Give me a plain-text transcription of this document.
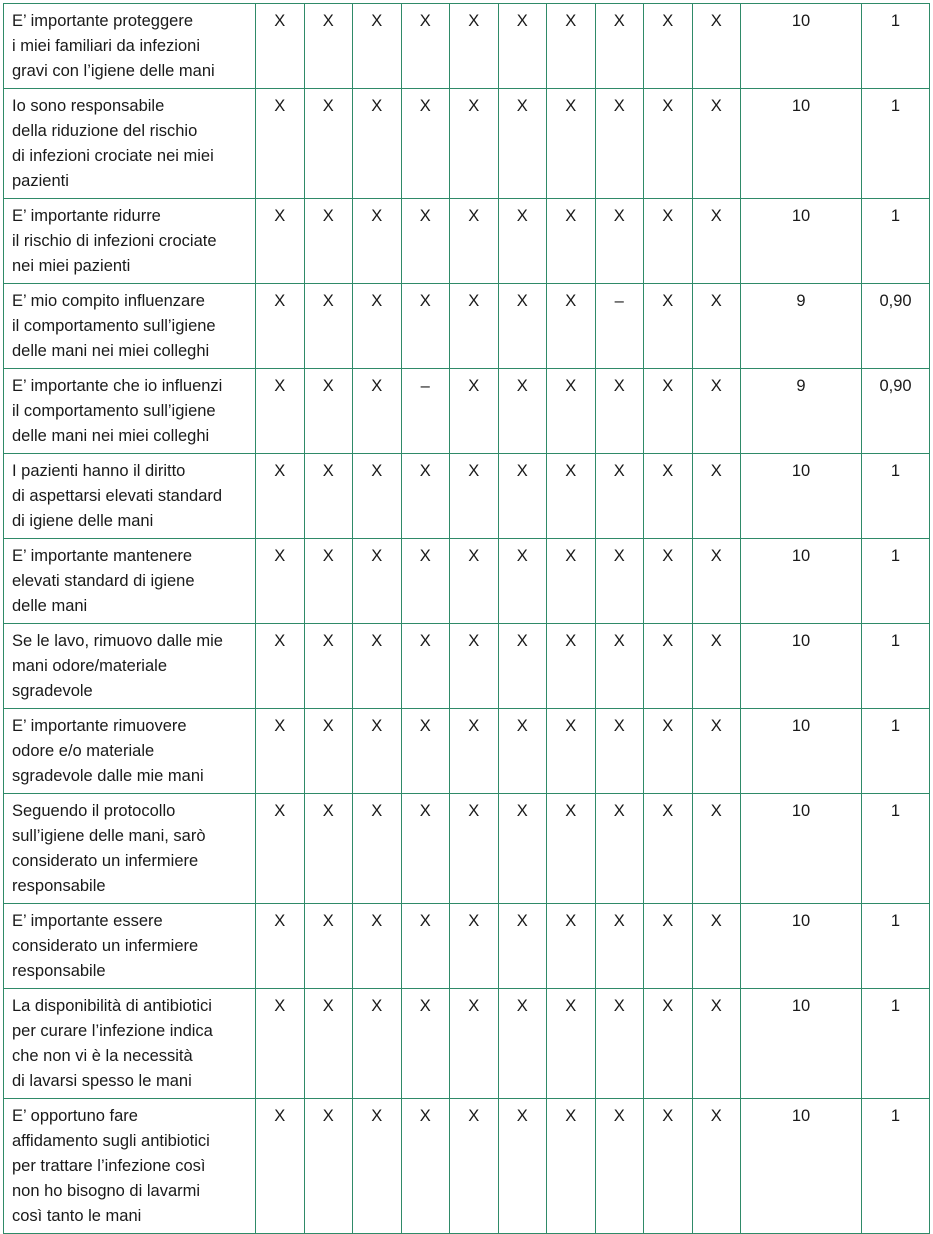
E’ importante proteggere
i miei familiari da infezioni
gravi con l’igiene delle mani	X	X	X	X	X	X	X	X	X	X	10	1
Io sono responsabile
della riduzione del rischio
di infezioni crociate nei miei
pazienti	X	X	X	X	X	X	X	X	X	X	10	1
E’ importante ridurre
il rischio di infezioni crociate
nei miei pazienti	X	X	X	X	X	X	X	X	X	X	10	1
E’ mio compito influenzare
il comportamento sull’igiene
delle mani nei miei colleghi	X	X	X	X	X	X	X	–	X	X	9	0,90
E’ importante che io influenzi
il comportamento sull’igiene
delle mani nei miei colleghi	X	X	X	–	X	X	X	X	X	X	9	0,90
I pazienti hanno il diritto
di aspettarsi elevati standard
di igiene delle mani	X	X	X	X	X	X	X	X	X	X	10	1
E’ importante mantenere
elevati standard di igiene
delle mani	X	X	X	X	X	X	X	X	X	X	10	1
Se le lavo, rimuovo dalle mie
mani odore/materiale
sgradevole	X	X	X	X	X	X	X	X	X	X	10	1
E’ importante rimuovere
odore e/o materiale
sgradevole dalle mie mani	X	X	X	X	X	X	X	X	X	X	10	1
Seguendo il protocollo
sull’igiene delle mani, sarò
considerato un infermiere
responsabile	X	X	X	X	X	X	X	X	X	X	10	1
E’ importante essere
considerato un infermiere
responsabile	X	X	X	X	X	X	X	X	X	X	10	1
La disponibilità di antibiotici
per curare l’infezione indica
che non vi è la necessità
di lavarsi spesso le mani	X	X	X	X	X	X	X	X	X	X	10	1
E’ opportuno fare
affidamento sugli antibiotici
per trattare l’infezione così
non ho bisogno di lavarmi
così tanto le mani	X	X	X	X	X	X	X	X	X	X	10	1
